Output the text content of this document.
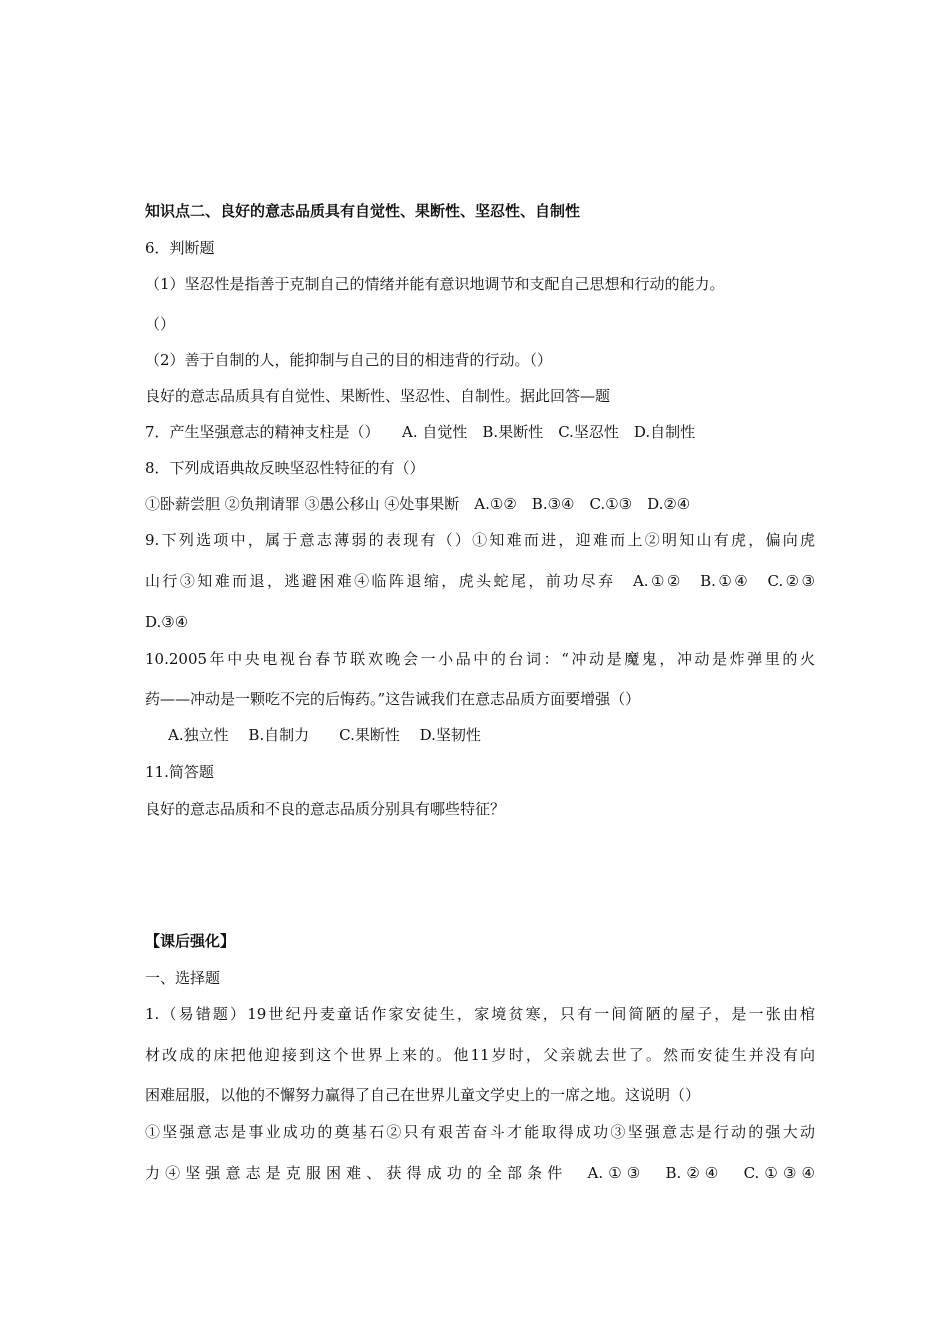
知识点二、良好的意志品质具有自觉性、果断性、坚忍性、自制性
6．判断题
（1）坚忍性是指善于克制自己的情绪并能有意识地调节和支配自己思想和行动的能力。
（）
（2）善于自制的人，能抑制与自己的目的相违背的行动。（）
良好的意志品质具有自觉性、果断性、坚忍性、自制性。据此回答—题
7．产生坚强意志的精神支柱是（）　　A. 自觉性　B.果断性　C.坚忍性　D.自制性
8．下列成语典故反映坚忍性特征的有（）
①卧薪尝胆 ②负荆请罪 ③愚公移山 ④处事果断　A.①②　B.③④　C.①③　D.②④
9.下列选项中，属于意志薄弱的表现有（）①知难而进，迎难而上②明知山有虎，偏向虎
山行③知难而退，逃避困难④临阵退缩，虎头蛇尾，前功尽弃　A.①②　B.①④　C.②③
D.③④
10.2005年中央电视台春节联欢晚会一小品中的台词：“冲动是魔鬼，冲动是炸弹里的火
药——冲动是一颗吃不完的后悔药。”这告诫我们在意志品质方面要增强（）
A.独立性　 B.自制力　　C.果断性　 D.坚韧性
11.简答题
良好的意志品质和不良的意志品质分别具有哪些特征？
【课后强化】
一、选择题
1.（易错题）19世纪丹麦童话作家安徒生，家境贫寒，只有一间简陋的屋子，是一张由棺
材改成的床把他迎接到这个世界上来的。他11岁时，父亲就去世了。然而安徒生并没有向
困难屈服，以他的不懈努力赢得了自己在世界儿童文学史上的一席之地。这说明（）
①坚强意志是事业成功的奠基石②只有艰苦奋斗才能取得成功③坚强意志是行动的强大动
力④坚强意志是克服困难、获得成功的全部条件　A.①③　B.②④　C.①③④
